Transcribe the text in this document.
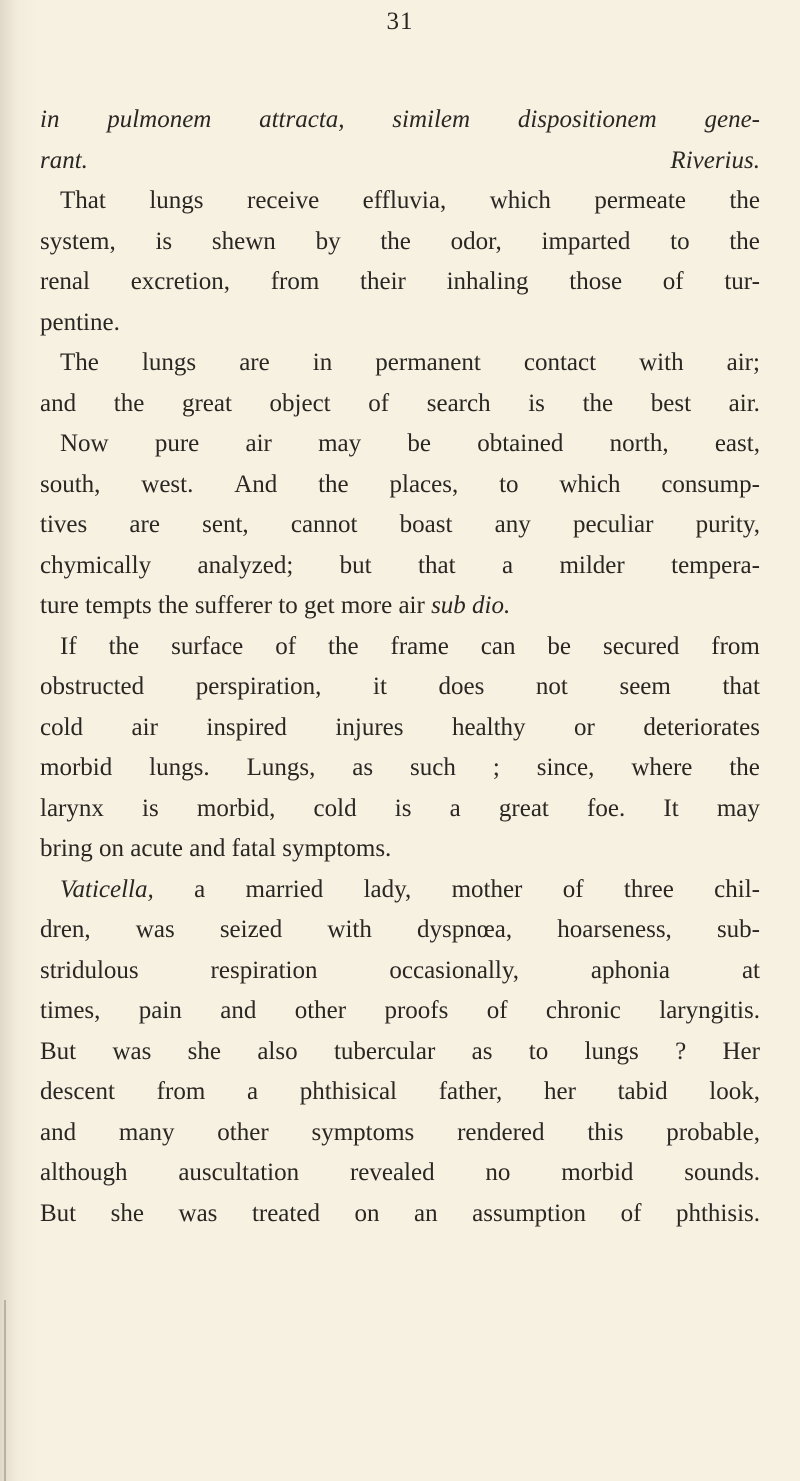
31
in pulmonem attracta, similem dispositionem gene-
rant.	Riverius.
That lungs receive effluvia, which permeate the
system, is shewn by the odor, imparted to the
renal excretion, from their inhaling those of tur-
pentine.
The lungs are in permanent contact with air;
and the great object of search is the best air.
Now pure air may be obtained north, east,
south, west. And the places, to which consump-
tives are sent, cannot boast any peculiar purity,
chymically analyzed; but that a milder tempera-
ture tempts the sufferer to get more air sub dio.
If the surface of the frame can be secured from
obstructed perspiration, it does not seem that
cold air inspired injures healthy or deteriorates
morbid lungs. Lungs, as such ; since, where the
larynx is morbid, cold is a great foe. It may
bring on acute and fatal symptoms.
Vaticella, a married lady, mother of three chil-
dren, was seized with dyspnœa, hoarseness, sub-
stridulous	respiration	occasionally,	aphonia	at
times, pain and other proofs of chronic laryngitis.
But was she also tubercular as to lungs ? Her
descent from a phthisical father, her tabid look,
and many other symptoms rendered this probable,
although auscultation revealed no morbid sounds.
But she was treated on an assumption of phthisis.
